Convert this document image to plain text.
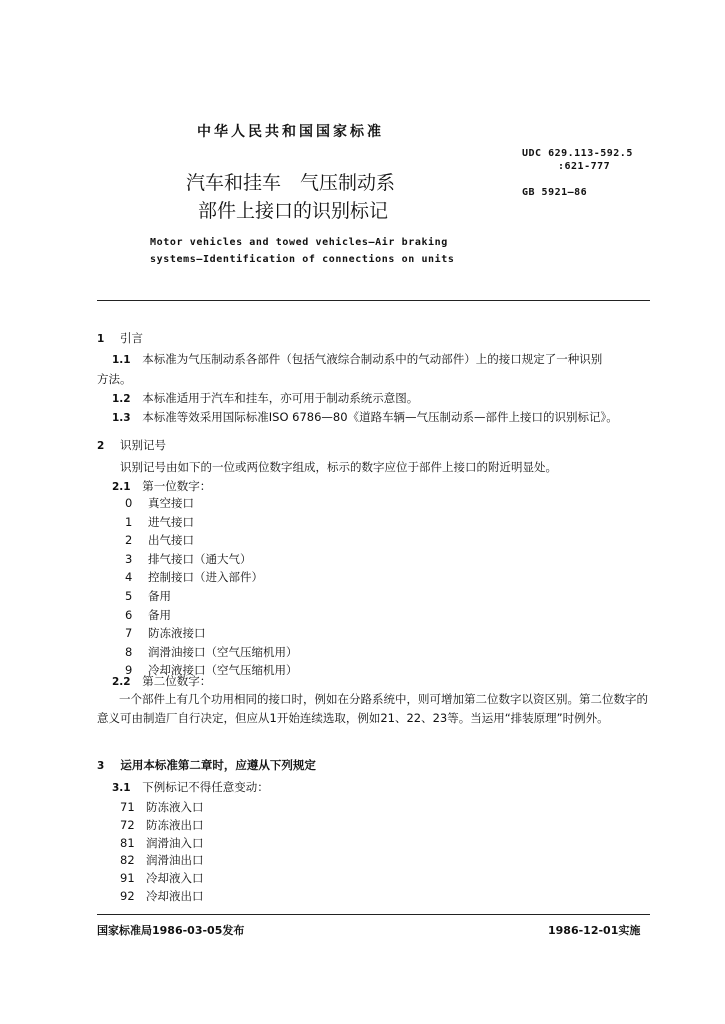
中华人民共和国国家标准
UDC 629.113-592.5
:621-777
GB 5921—86
汽车和挂车　气压制动系
部件上接口的识别标记
Motor vehicles and towed vehicles—Air braking
systems—Identification of connections on units
1 引言
1.1 本标准为气压制动系各部件（包括气液综合制动系中的气动部件）上的接口规定了一种识别
方法。
1.2 本标准适用于汽车和挂车，亦可用于制动系统示意图。
1.3 本标准等效采用国际标准ISO 6786—80《道路车辆—气压制动系—部件上接口的识别标记》。
2 识别记号
识别记号由如下的一位或两位数字组成，标示的数字应位于部件上接口的附近明显处。
2.1 第一位数字：
0 真空接口
1 进气接口
2 出气接口
3 排气接口（通大气）
4 控制接口（进入部件）
5 备用
6 备用
7 防冻液接口
8 润滑油接口（空气压缩机用）
9 冷却液接口（空气压缩机用）
2.2 第二位数字：
一个部件上有几个功用相同的接口时，例如在分路系统中，则可增加第二位数字以资区别。第二位数字的意义可由制造厂自行决定，但应从1开始连续选取，例如21、22、23等。当运用“排装原理”时例外。
3 运用本标准第二章时，应遵从下列规定
3.1 下例标记不得任意变动：
71 防冻液入口
72 防冻液出口
81 润滑油入口
82 润滑油出口
91 冷却液入口
92 冷却液出口
国家标准局1986-03-05发布	1986-12-01实施
